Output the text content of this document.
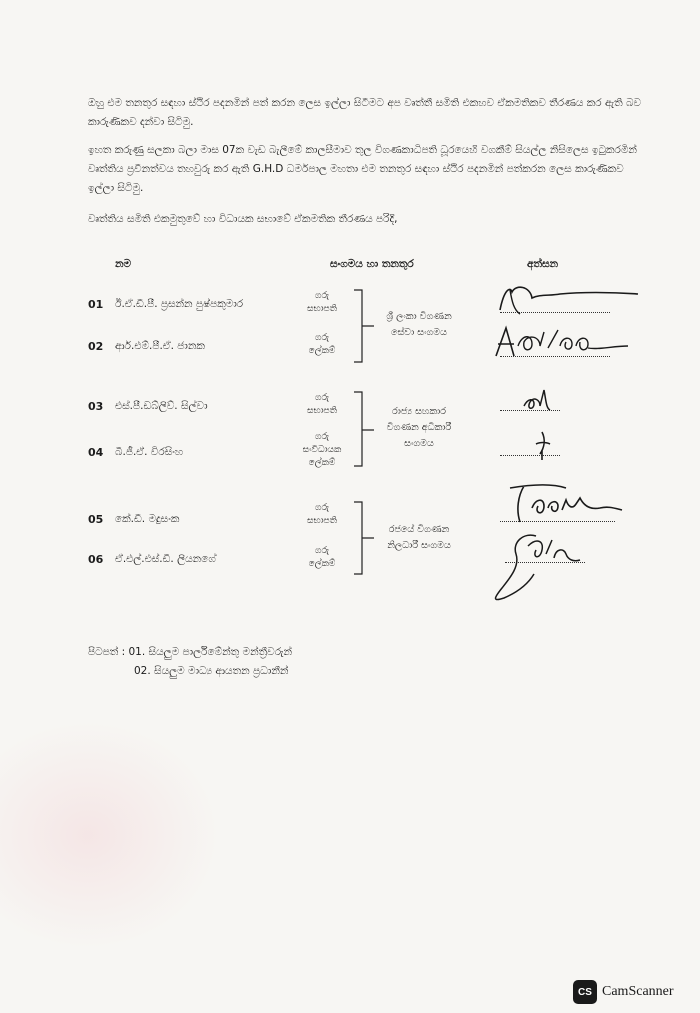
ඔහු එම තනතුර සඳහා ස්ථිර පදනමින් පත් කරන ලෙස ඉල්ලා සිටීමට අප වෘත්තී සමිති එකහව ඒකමතිකව තීරණය කර ඇති බව කාරුණිකව දන්වා සිටිමු.

ඉහත කරුණු සලකා බලා මාස 07ක වැඩ බැලීමේ කාලසීමාව තුල විගණකාධිපති ධූරයෙහි වගකීම් සියල්ල නිසිලෙස ඉටුකරමින් වෘත්තිය ප්‍රවීනත්වය තහවුරු කර ඇති G.H.D ධර්මපාල මහතා එම තනතුර සඳහා ස්ථිර පදනමින් පත්කරන ලෙස කාරුණිකව ඉල්ලා සිටිමු.

වෘත්තිය සමිති එකමුතුවේ හා විධායක සභාවේ ඒකමතික තීරණය පරිදි,

නම	සංගමය හා තනතුර	අත්සන
01 ඊ.ඒ.ඩී.පී. ප්‍රසන්න පුෂ්පකුමාර
02 ආර්.එම්.පී.ඒ. ජානක
03 එස්.පී.ඩබ්ලිව්. සිල්වා
04 බී.ජී.ඒ. විරසිංහ
05 කේ.ඩී. මදුසංක
06 ඒ.එල්.එස්.ඩී. ලියනගේ
ගරු
සභාපති
ගරු
ලේකම්
ගරු
සභාපති
ගරු
සංවිධායක
ලේකම්
ගරු
සභාපති
ගරු
ලේකම්
ශ්‍රී ලංකා විගණන
සේවා සංගමය
රාජ්‍ය සහකාර
විගණන අධිකාරී
සංගමය
රජයේ විගණන
නිලධාරී සංගමය
පිටපත් : 01. සියලුම පාර්ලිමේන්තු මන්ත්‍රීවරුන්
02. සියලුම මාධ්‍ය ආයතන ප්‍රධානීන්
CS CamScanner
